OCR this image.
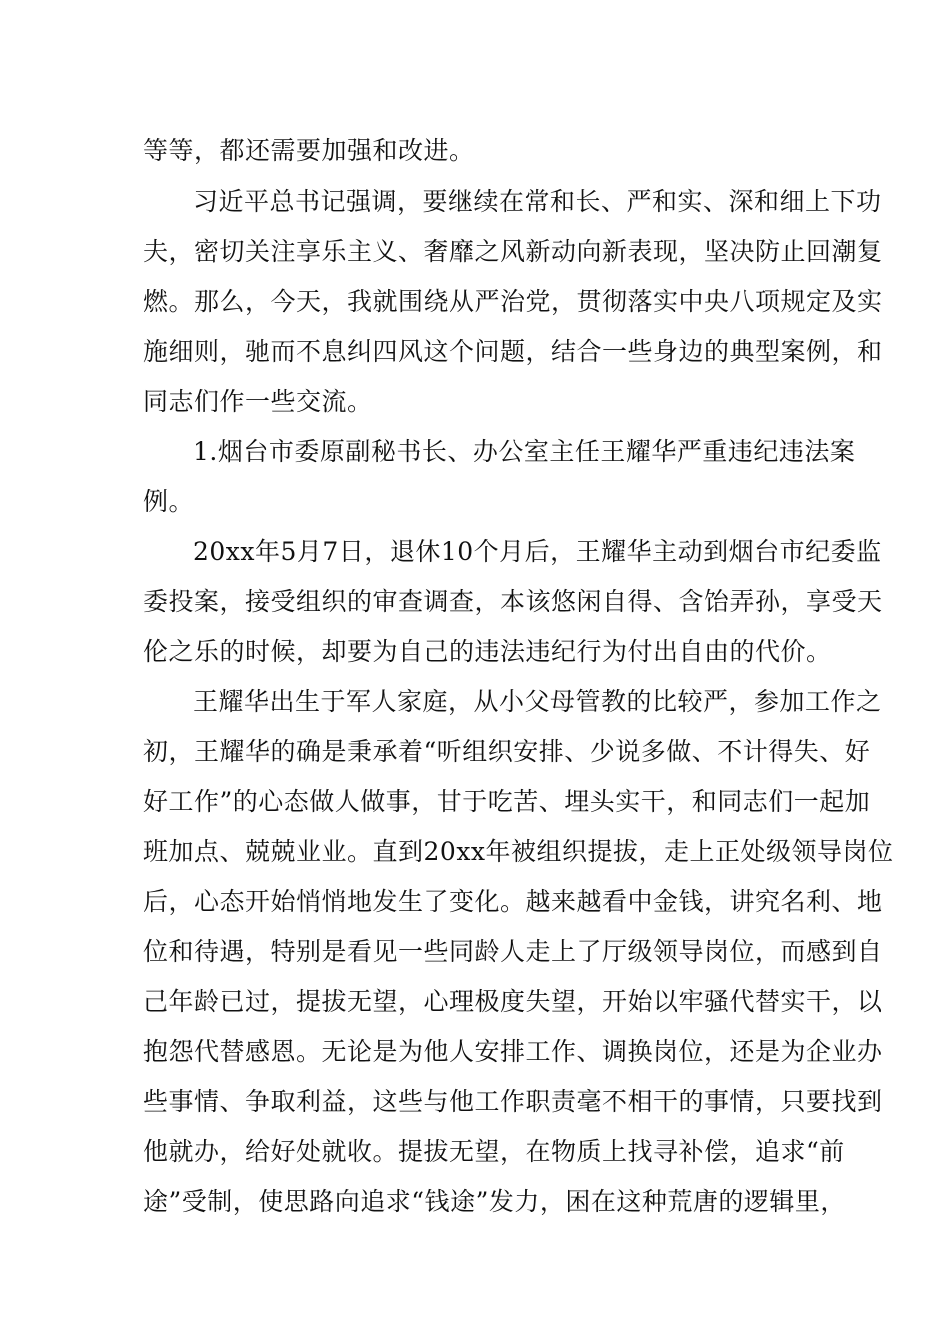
等等，都还需要加强和改进。
习近平总书记强调，要继续在常和长、严和实、深和细上下功
夫，密切关注享乐主义、奢靡之风新动向新表现，坚决防止回潮复
燃。那么，今天，我就围绕从严治党，贯彻落实中央八项规定及实
施细则，驰而不息纠四风这个问题，结合一些身边的典型案例，和
同志们作一些交流。
1.烟台市委原副秘书长、办公室主任王耀华严重违纪违法案
例。
20xx年5月7日，退休10个月后，王耀华主动到烟台市纪委监
委投案，接受组织的审查调查，本该悠闲自得、含饴弄孙，享受天
伦之乐的时候，却要为自己的违法违纪行为付出自由的代价。
王耀华出生于军人家庭，从小父母管教的比较严，参加工作之
初，王耀华的确是秉承着“听组织安排、少说多做、不计得失、好
好工作”的心态做人做事，甘于吃苦、埋头实干，和同志们一起加
班加点、兢兢业业。直到20xx年被组织提拔，走上正处级领导岗位
后，心态开始悄悄地发生了变化。越来越看中金钱，讲究名利、地
位和待遇，特别是看见一些同龄人走上了厅级领导岗位，而感到自
己年龄已过，提拔无望，心理极度失望，开始以牢骚代替实干，以
抱怨代替感恩。无论是为他人安排工作、调换岗位，还是为企业办
些事情、争取利益，这些与他工作职责毫不相干的事情，只要找到
他就办，给好处就收。提拔无望，在物质上找寻补偿，追求“前
途”受制，使思路向追求“钱途”发力，困在这种荒唐的逻辑里，
